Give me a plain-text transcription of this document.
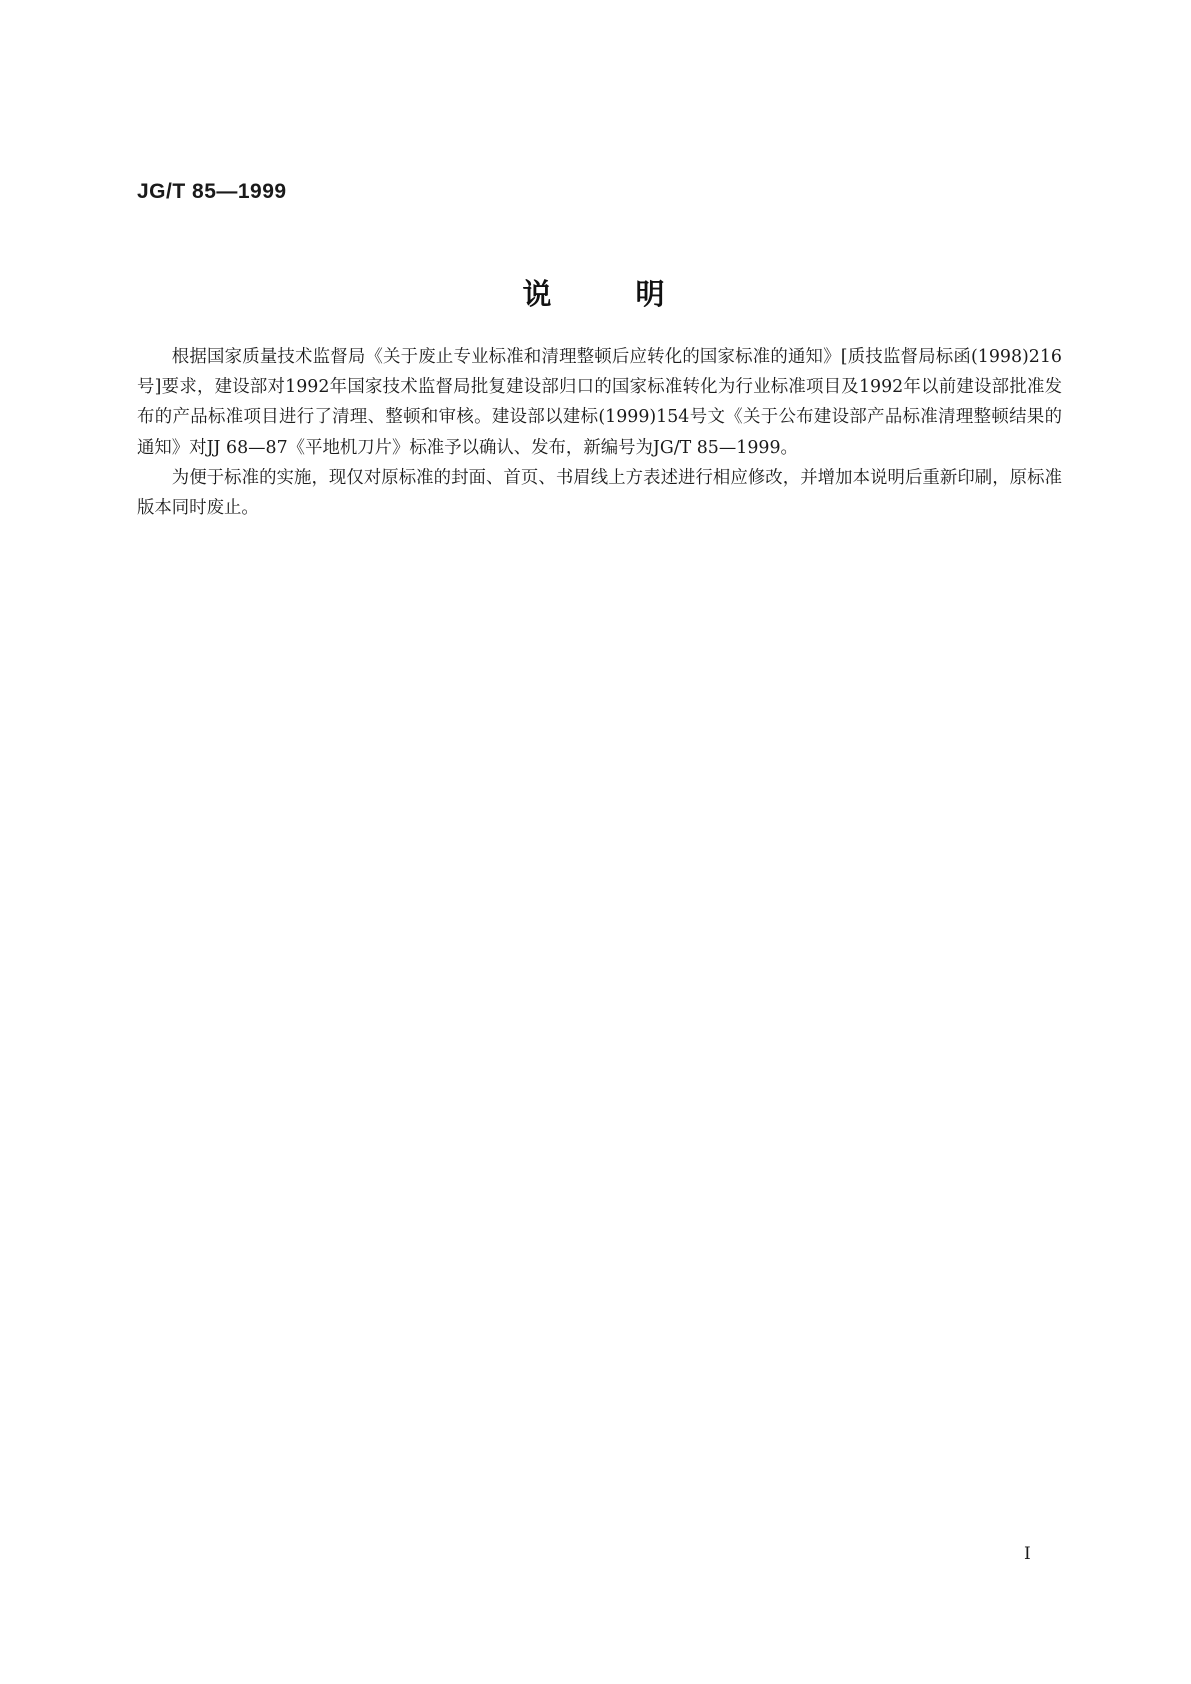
JG/T 85—1999
说	明

根据国家质量技术监督局《关于废止专业标准和清理整顿后应转化的国家标准的通知》[质技监督局标函(1998)216号]要求，建设部对1992年国家技术监督局批复建设部归口的国家标准转化为行业标准项目及1992年以前建设部批准发布的产品标准项目进行了清理、整顿和审核。建设部以建标(1999)154号文《关于公布建设部产品标准清理整顿结果的通知》对JJ 68—87《平地机刀片》标准予以确认、发布，新编号为JG/T 85—1999。

为便于标准的实施，现仅对原标准的封面、首页、书眉线上方表述进行相应修改，并增加本说明后重新印刷，原标准版本同时废止。

I
